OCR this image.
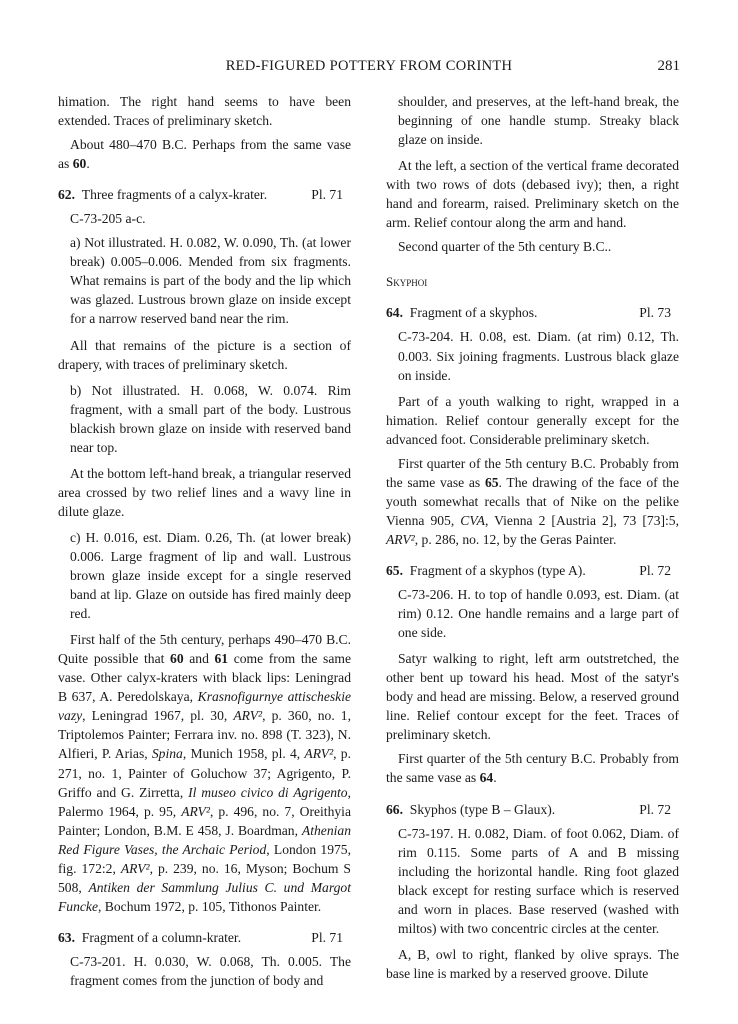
RED-FIGURED POTTERY FROM CORINTH	281

himation. The right hand seems to have been extended. Traces of preliminary sketch.

About 480–470 B.C. Perhaps from the same vase as 60.

62. Three fragments of a calyx-krater.	Pl. 71

C-73-205 a-c.

a) Not illustrated. H. 0.082, W. 0.090, Th. (at lower break) 0.005–0.006. Mended from six fragments. What remains is part of the body and the lip which was glazed. Lustrous brown glaze on inside except for a narrow reserved band near the rim.

All that remains of the picture is a section of drapery, with traces of preliminary sketch.

b) Not illustrated. H. 0.068, W. 0.074. Rim fragment, with a small part of the body. Lustrous blackish brown glaze on inside with reserved band near top.

At the bottom left-hand break, a triangular reserved area crossed by two relief lines and a wavy line in dilute glaze.

c) H. 0.016, est. Diam. 0.26, Th. (at lower break) 0.006. Large fragment of lip and wall. Lustrous brown glaze inside except for a single reserved band at lip. Glaze on outside has fired mainly deep red.

First half of the 5th century, perhaps 490–470 B.C. Quite possible that 60 and 61 come from the same vase. Other calyx-kraters with black lips: Leningrad B 637, A. Peredolskaya, Krasnofigurnye attischeskie vazy, Leningrad 1967, pl. 30, ARV², p. 360, no. 1, Triptolemos Painter; Ferrara inv. no. 898 (T. 323), N. Alfieri, P. Arias, Spina, Munich 1958, pl. 4, ARV², p. 271, no. 1, Painter of Goluchow 37; Agrigento, P. Griffo and G. Zirretta, Il museo civico di Agrigento, Palermo 1964, p. 95, ARV², p. 496, no. 7, Oreithyia Painter; London, B.M. E 458, J. Boardman, Athenian Red Figure Vases, the Archaic Period, London 1975, fig. 172:2, ARV², p. 239, no. 16, Myson; Bochum S 508, Antiken der Sammlung Julius C. und Margot Funcke, Bochum 1972, p. 105, Tithonos Painter.

63. Fragment of a column-krater.	Pl. 71

C-73-201. H. 0.030, W. 0.068, Th. 0.005. The fragment comes from the junction of body and

shoulder, and preserves, at the left-hand break, the beginning of one handle stump. Streaky black glaze on inside.

At the left, a section of the vertical frame decorated with two rows of dots (debased ivy); then, a right hand and forearm, raised. Preliminary sketch on the arm. Relief contour along the arm and hand.

Second quarter of the 5th century B.C..

Skyphoi
64. Fragment of a skyphos.	Pl. 73

C-73-204. H. 0.08, est. Diam. (at rim) 0.12, Th. 0.003. Six joining fragments. Lustrous black glaze on inside.

Part of a youth walking to right, wrapped in a himation. Relief contour generally except for the advanced foot. Considerable preliminary sketch.

First quarter of the 5th century B.C. Probably from the same vase as 65. The drawing of the face of the youth somewhat recalls that of Nike on the pelike Vienna 905, CVA, Vienna 2 [Austria 2], 73 [73]:5, ARV², p. 286, no. 12, by the Geras Painter.

65. Fragment of a skyphos (type A).	Pl. 72

C-73-206. H. to top of handle 0.093, est. Diam. (at rim) 0.12. One handle remains and a large part of one side.

Satyr walking to right, left arm outstretched, the other bent up toward his head. Most of the satyr's body and head are missing. Below, a reserved ground line. Relief contour except for the feet. Traces of preliminary sketch.

First quarter of the 5th century B.C. Probably from the same vase as 64.

66. Skyphos (type B – Glaux).	Pl. 72

C-73-197. H. 0.082, Diam. of foot 0.062, Diam. of rim 0.115. Some parts of A and B missing including the horizontal handle. Ring foot glazed black except for resting surface which is reserved and worn in places. Base reserved (washed with miltos) with two concentric circles at the center.

A, B, owl to right, flanked by olive sprays. The base line is marked by a reserved groove. Dilute
